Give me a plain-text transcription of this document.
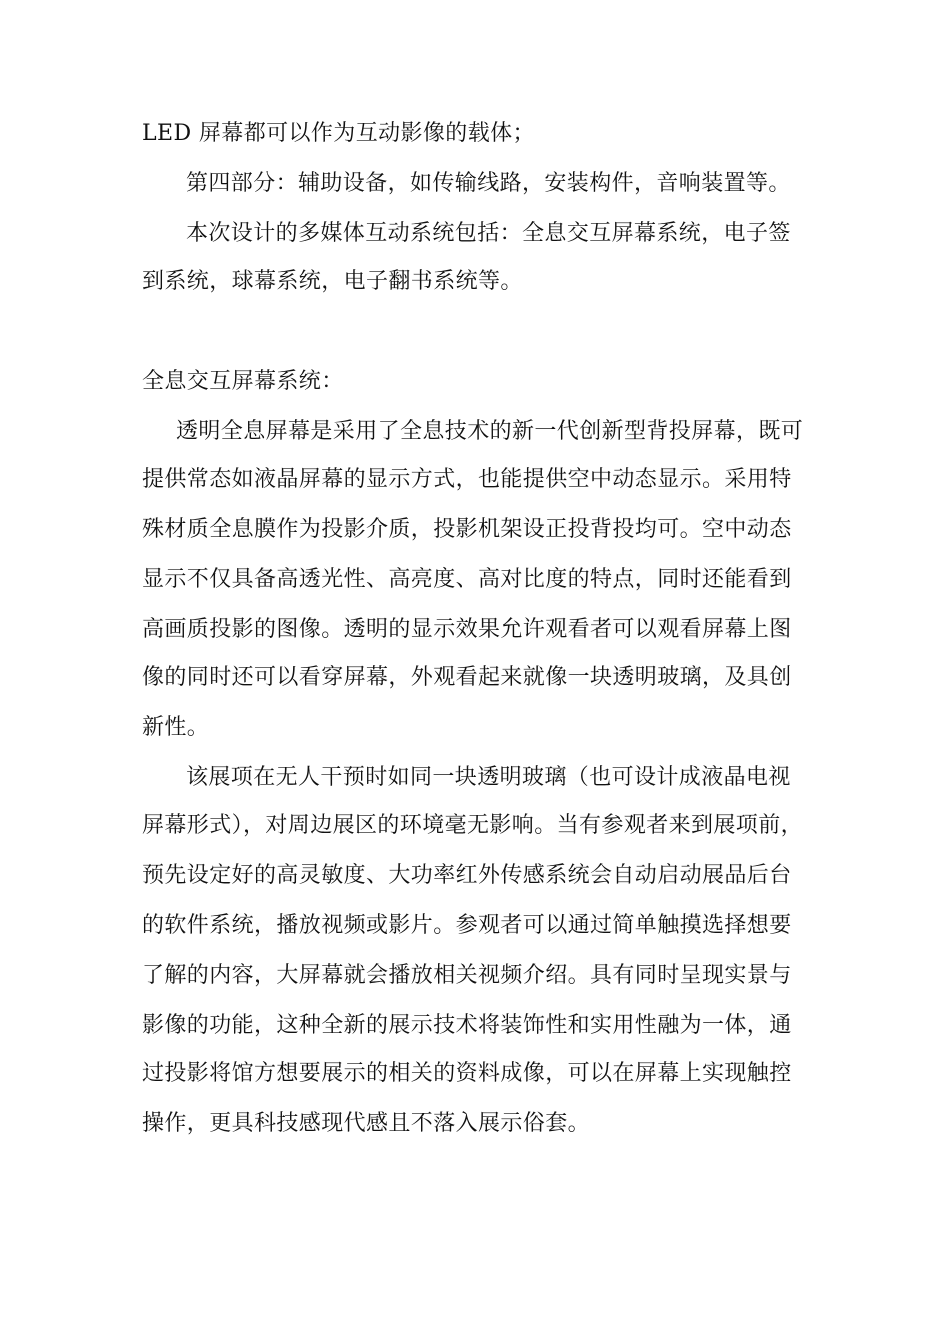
LED 屏幕都可以作为互动影像的载体；
第四部分：辅助设备，如传输线路，安装构件，音响装置等。
本次设计的多媒体互动系统包括：全息交互屏幕系统，电子签
到系统，球幕系统，电子翻书系统等。
全息交互屏幕系统：
透明全息屏幕是采用了全息技术的新一代创新型背投屏幕，既可
提供常态如液晶屏幕的显示方式，也能提供空中动态显示。采用特
殊材质全息膜作为投影介质，投影机架设正投背投均可。空中动态
显示不仅具备高透光性、高亮度、高对比度的特点，同时还能看到
高画质投影的图像。透明的显示效果允许观看者可以观看屏幕上图
像的同时还可以看穿屏幕，外观看起来就像一块透明玻璃，及具创
新性。
该展项在无人干预时如同一块透明玻璃（也可设计成液晶电视
屏幕形式），对周边展区的环境毫无影响。当有参观者来到展项前，
预先设定好的高灵敏度、大功率红外传感系统会自动启动展品后台
的软件系统，播放视频或影片。参观者可以通过简单触摸选择想要
了解的内容，大屏幕就会播放相关视频介绍。具有同时呈现实景与
影像的功能，这种全新的展示技术将装饰性和实用性融为一体，通
过投影将馆方想要展示的相关的资料成像，可以在屏幕上实现触控
操作，更具科技感现代感且不落入展示俗套。
